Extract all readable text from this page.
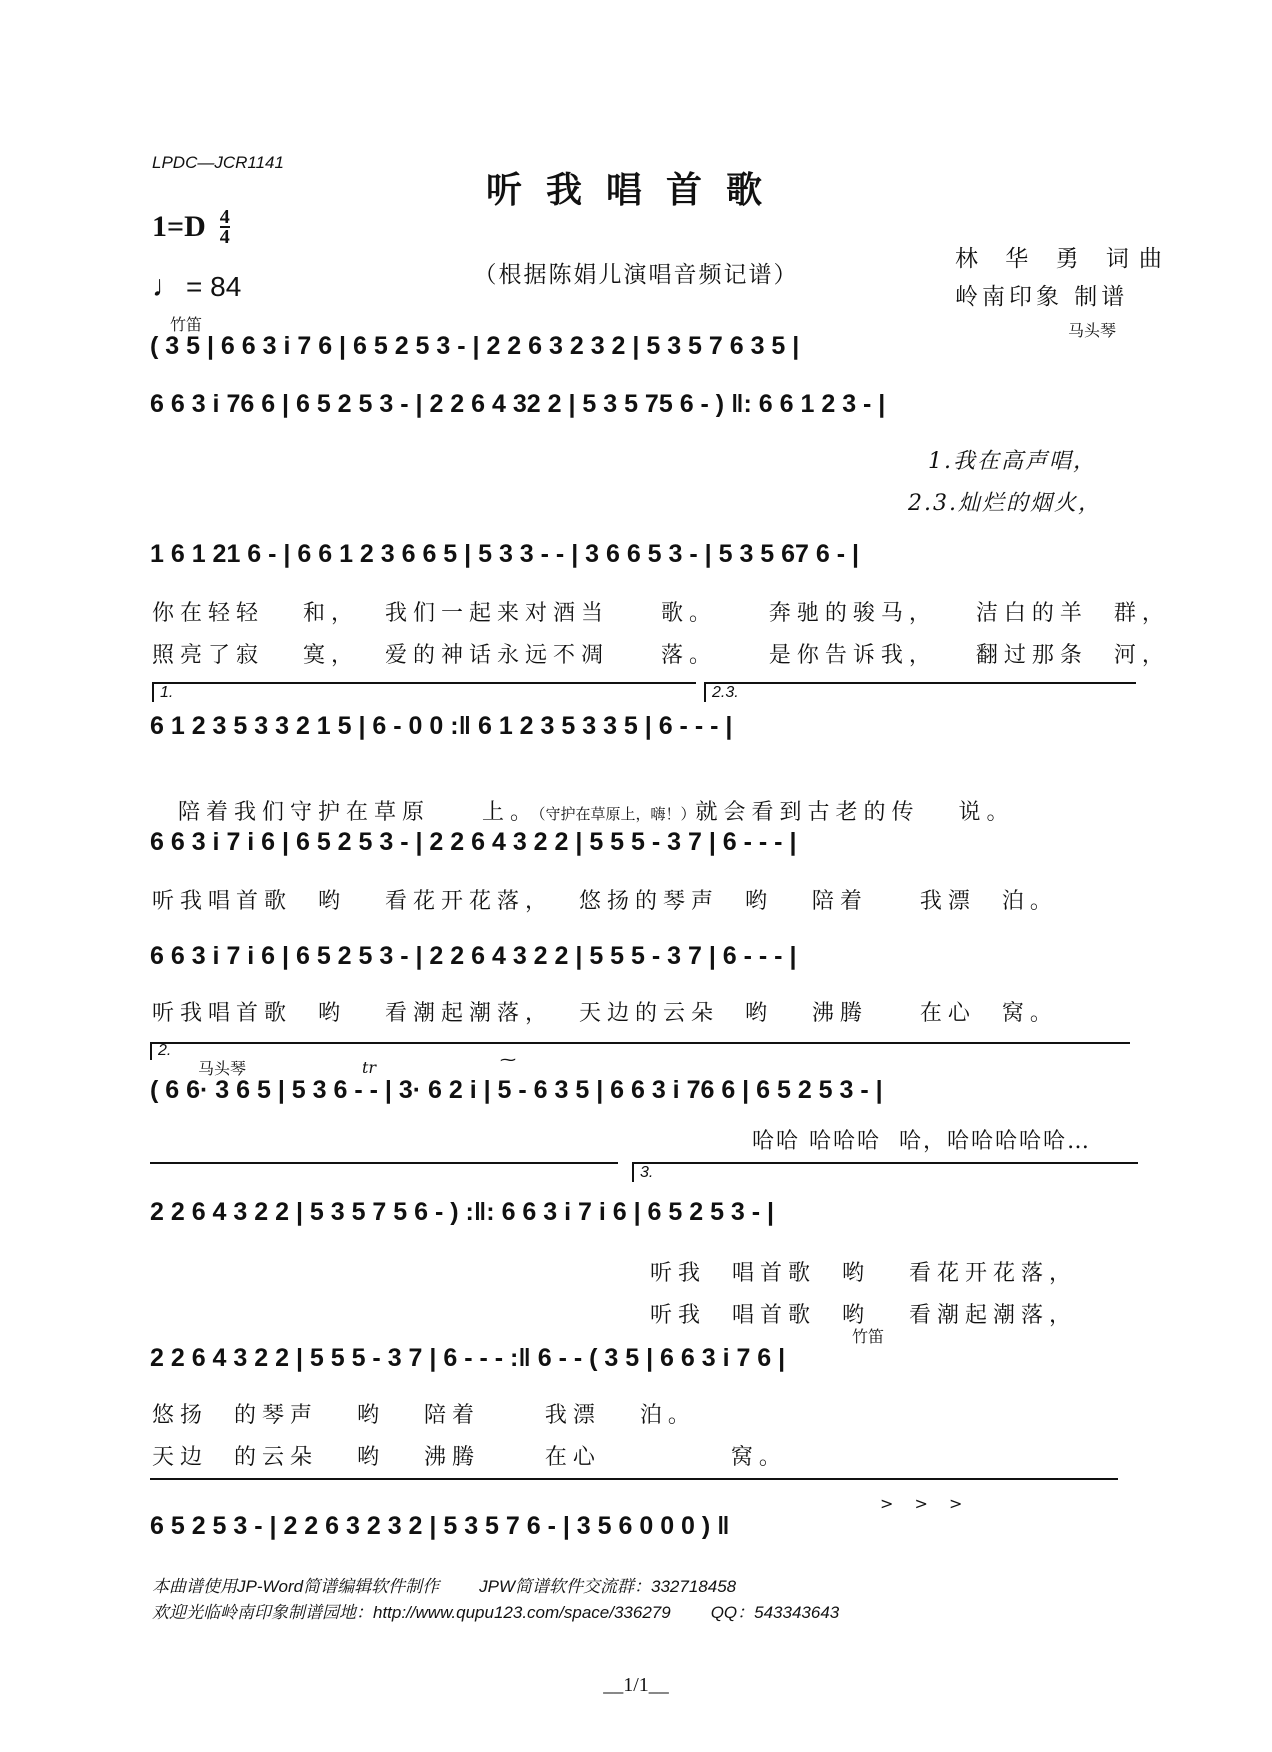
LPDC—JCR1141
听我唱首歌
$1=D \frac{4}{4}$
♩ = 84	（根据陈娟儿演唱音频记谱）
林 华 勇 词曲
岭南印象 制谱
竹笛	马头琴
( 3 5 | 6 6 3 i 7 6 | 6 5 2 5 3 - | 2 2 6 3 2 3 2 | 5 3 5 7 6 3 5 |
6 6 3 i 76 6 | 6 5 2 5 3 - | 2 2 6 4 32 2 | 5 3 5 75 6 - ) ‖: 6 6 1 2 3 - |
1.我在高声唱，
2.3.灿烂的烟火，
1 6 1 21 6 - | 6 6 1 2 3 6 6 5 | 5 3 3 - - | 3 6 6 5 3 - | 5 3 5 67 6 - |
你在轻轻   和，  我们一起来对酒当    歌。    奔驰的骏马，   洁白的羊  群，
照亮了寂   寞，  爱的神话永远不凋    落。    是你告诉我，   翻过那条  河，
1.	2.3.
6 1 2 3 5 3 3 2 1 5 | 6 - 0 0 :‖ 6 1 2 3 5 3 3 5 | 6 - - - |

陪着我们守护在草原    上。（守护在草原上，嗨！）就会看到古老的传   说。

6 6 3 i 7 i 6 | 6 5 2 5 3 - | 2 2 6 4 3 2 2 | 5 5 5 - 3 7 | 6 - - - |
听我唱首歌  哟   看花开花落，  悠扬的琴声  哟   陪着    我漂  泊。
6 6 3 i 7 i 6 | 6 5 2 5 3 - | 2 2 6 4 3 2 2 | 5 5 5 - 3 7 | 6 - - - |
听我唱首歌  哟   看潮起潮落，  天边的云朵  哟   沸腾    在心  窝。
2.
马头琴	tr	⁓
( 6 6· 3 6 5 | 5 3 6 - - | 3· 6 2 i | 5 - 6 3 5 | 6 6 3 i 76 6 | 6 5 2 5 3 - |
哈哈 哈哈哈  哈，哈哈哈哈哈…
3.
2 2 6 4 3 2 2 | 5 3 5 7 5 6 - ) :‖: 6 6 3 i 7 i 6 | 6 5 2 5 3 - |
听我  唱首歌  哟   看花开花落，
听我  唱首歌  哟   看潮起潮落，
竹笛
2 2 6 4 3 2 2 | 5 5 5 - 3 7 | 6 - - - :‖ 6 - - ( 3 5 | 6 6 3 i 7 6 |
悠扬  的琴声   哟   陪着     我漂   泊。
天边  的云朵   哟   沸腾     在心          窝。
> > >
6 5 2 5 3 - | 2 2 6 3 2 3 2 | 5 3 5 7 6 - | 3 5 6 0 0 0 ) ‖
本曲谱使用JP-Word简谱编辑软件制作 JPW简谱软件交流群：332718458
欢迎光临岭南印象制谱园地：http://www.qupu123.com/space/336279 QQ：543343643
__1/1__
